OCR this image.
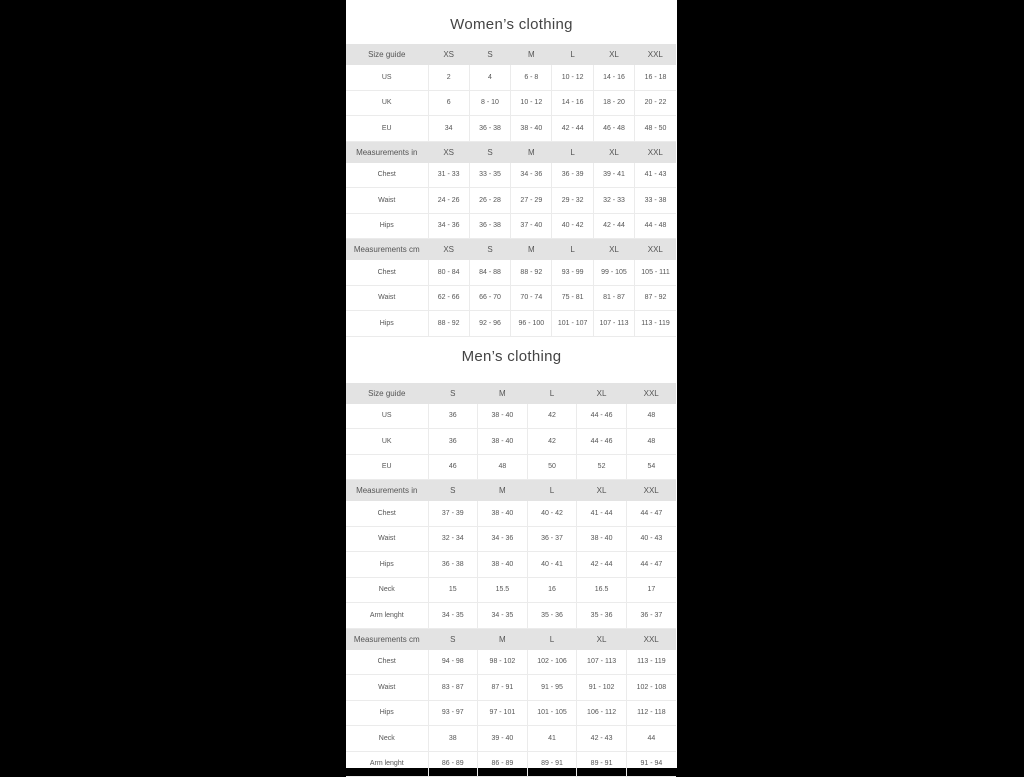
Women’s clothing
Size guide	XS	S	M	L	XL	XXL
US	2	4	6 - 8	10 - 12	14 - 16	16 - 18
UK	6	8 - 10	10 - 12	14 - 16	18 - 20	20 - 22
EU	34	36 - 38	38 - 40	42 - 44	46 - 48	48 - 50
Measurements in	XS	S	M	L	XL	XXL
Chest	31 - 33	33 - 35	34 - 36	36 - 39	39 - 41	41 - 43
Waist	24 - 26	26 - 28	27 - 29	29 - 32	32 - 33	33 - 38
Hips	34 - 36	36 - 38	37 - 40	40 - 42	42 - 44	44 - 48
Measurements cm	XS	S	M	L	XL	XXL
Chest	80 - 84	84 - 88	88 - 92	93 - 99	99 - 105	105 - 111
Waist	62 - 66	66 - 70	70 - 74	75 - 81	81 - 87	87 - 92
Hips	88 - 92	92 - 96	96 - 100	101 - 107	107 - 113	113 - 119
Men’s clothing
Size guide	S	M	L	XL	XXL
US	36	38 - 40	42	44 - 46	48
UK	36	38 - 40	42	44 - 46	48
EU	46	48	50	52	54
Measurements in	S	M	L	XL	XXL
Chest	37 - 39	38 - 40	40 - 42	41 - 44	44 - 47
Waist	32 - 34	34 - 36	36 - 37	38 - 40	40 - 43
Hips	36 - 38	38 - 40	40 - 41	42 - 44	44 - 47
Neck	15	15.5	16	16.5	17
Arm lenght	34 - 35	34 - 35	35 - 36	35 - 36	36 - 37
Measurements cm	S	M	L	XL	XXL
Chest	94 - 98	98 - 102	102 - 106	107 - 113	113 - 119
Waist	83 - 87	87 - 91	91 - 95	91 - 102	102 - 108
Hips	93 - 97	97 - 101	101 - 105	106 - 112	112 - 118
Neck	38	39 - 40	41	42 - 43	44
Arm lenght	86 - 89	86 - 89	89 - 91	89 - 91	91 - 94
